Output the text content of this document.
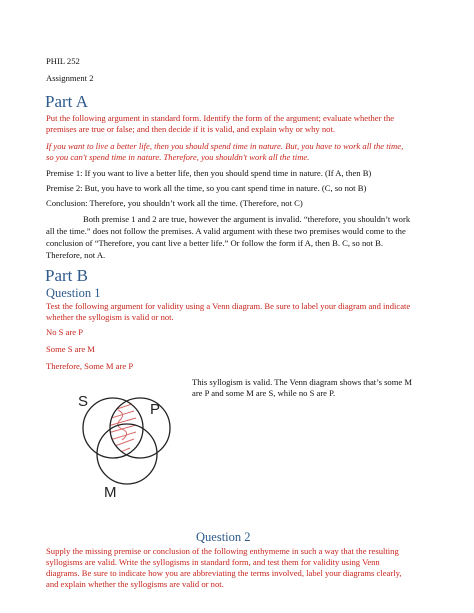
PHIL 252
Assignment 2
Part A
Put the following argument in standard form. Identify the form of the argument; evaluate whether the
premises are true or false; and then decide if it is valid, and explain why or why not.
If you want to live a better life, then you should spend time in nature. But, you have to work all the time,
so you can't spend time in nature. Therefore, you shouldn't work all the time.
Premise 1: If you want to live a better life, then you should spend time in nature. (If A, then B)
Premise 2: But, you have to work all the time, so you cant spend time in nature. (C, so not B)
Conclusion: Therefore, you shouldn’t work all the time. (Therefore, not C)
Both premise 1 and 2 are true, however the argument is invalid. “therefore, you shouldn’t work
all the time.” does not follow the premises. A valid argument with these two premises would come to the
conclusion of “Therefore, you cant live a better life.” Or follow the form if A, then B. C, so not B.
Therefore, not A.
Part B
Question 1
Test the following argument for validity using a Venn diagram. Be sure to label your diagram and indicate
whether the syllogism is valid or not.
No S are P
Some S are M
Therefore, Some M are P
This syllogism is valid. The Venn diagram shows that’s some M
are P and some M are S, while no S are P.
S	P
M
Question 2
Supply the missing premise or conclusion of the following enthymeme in such a way that the resulting
syllogisms are valid. Write the syllogisms in standard form, and test them for validity using Venn
diagrams. Be sure to indicate how you are abbreviating the terms involved, label your diagrams clearly,
and explain whether the syllogisms are valid or not.
